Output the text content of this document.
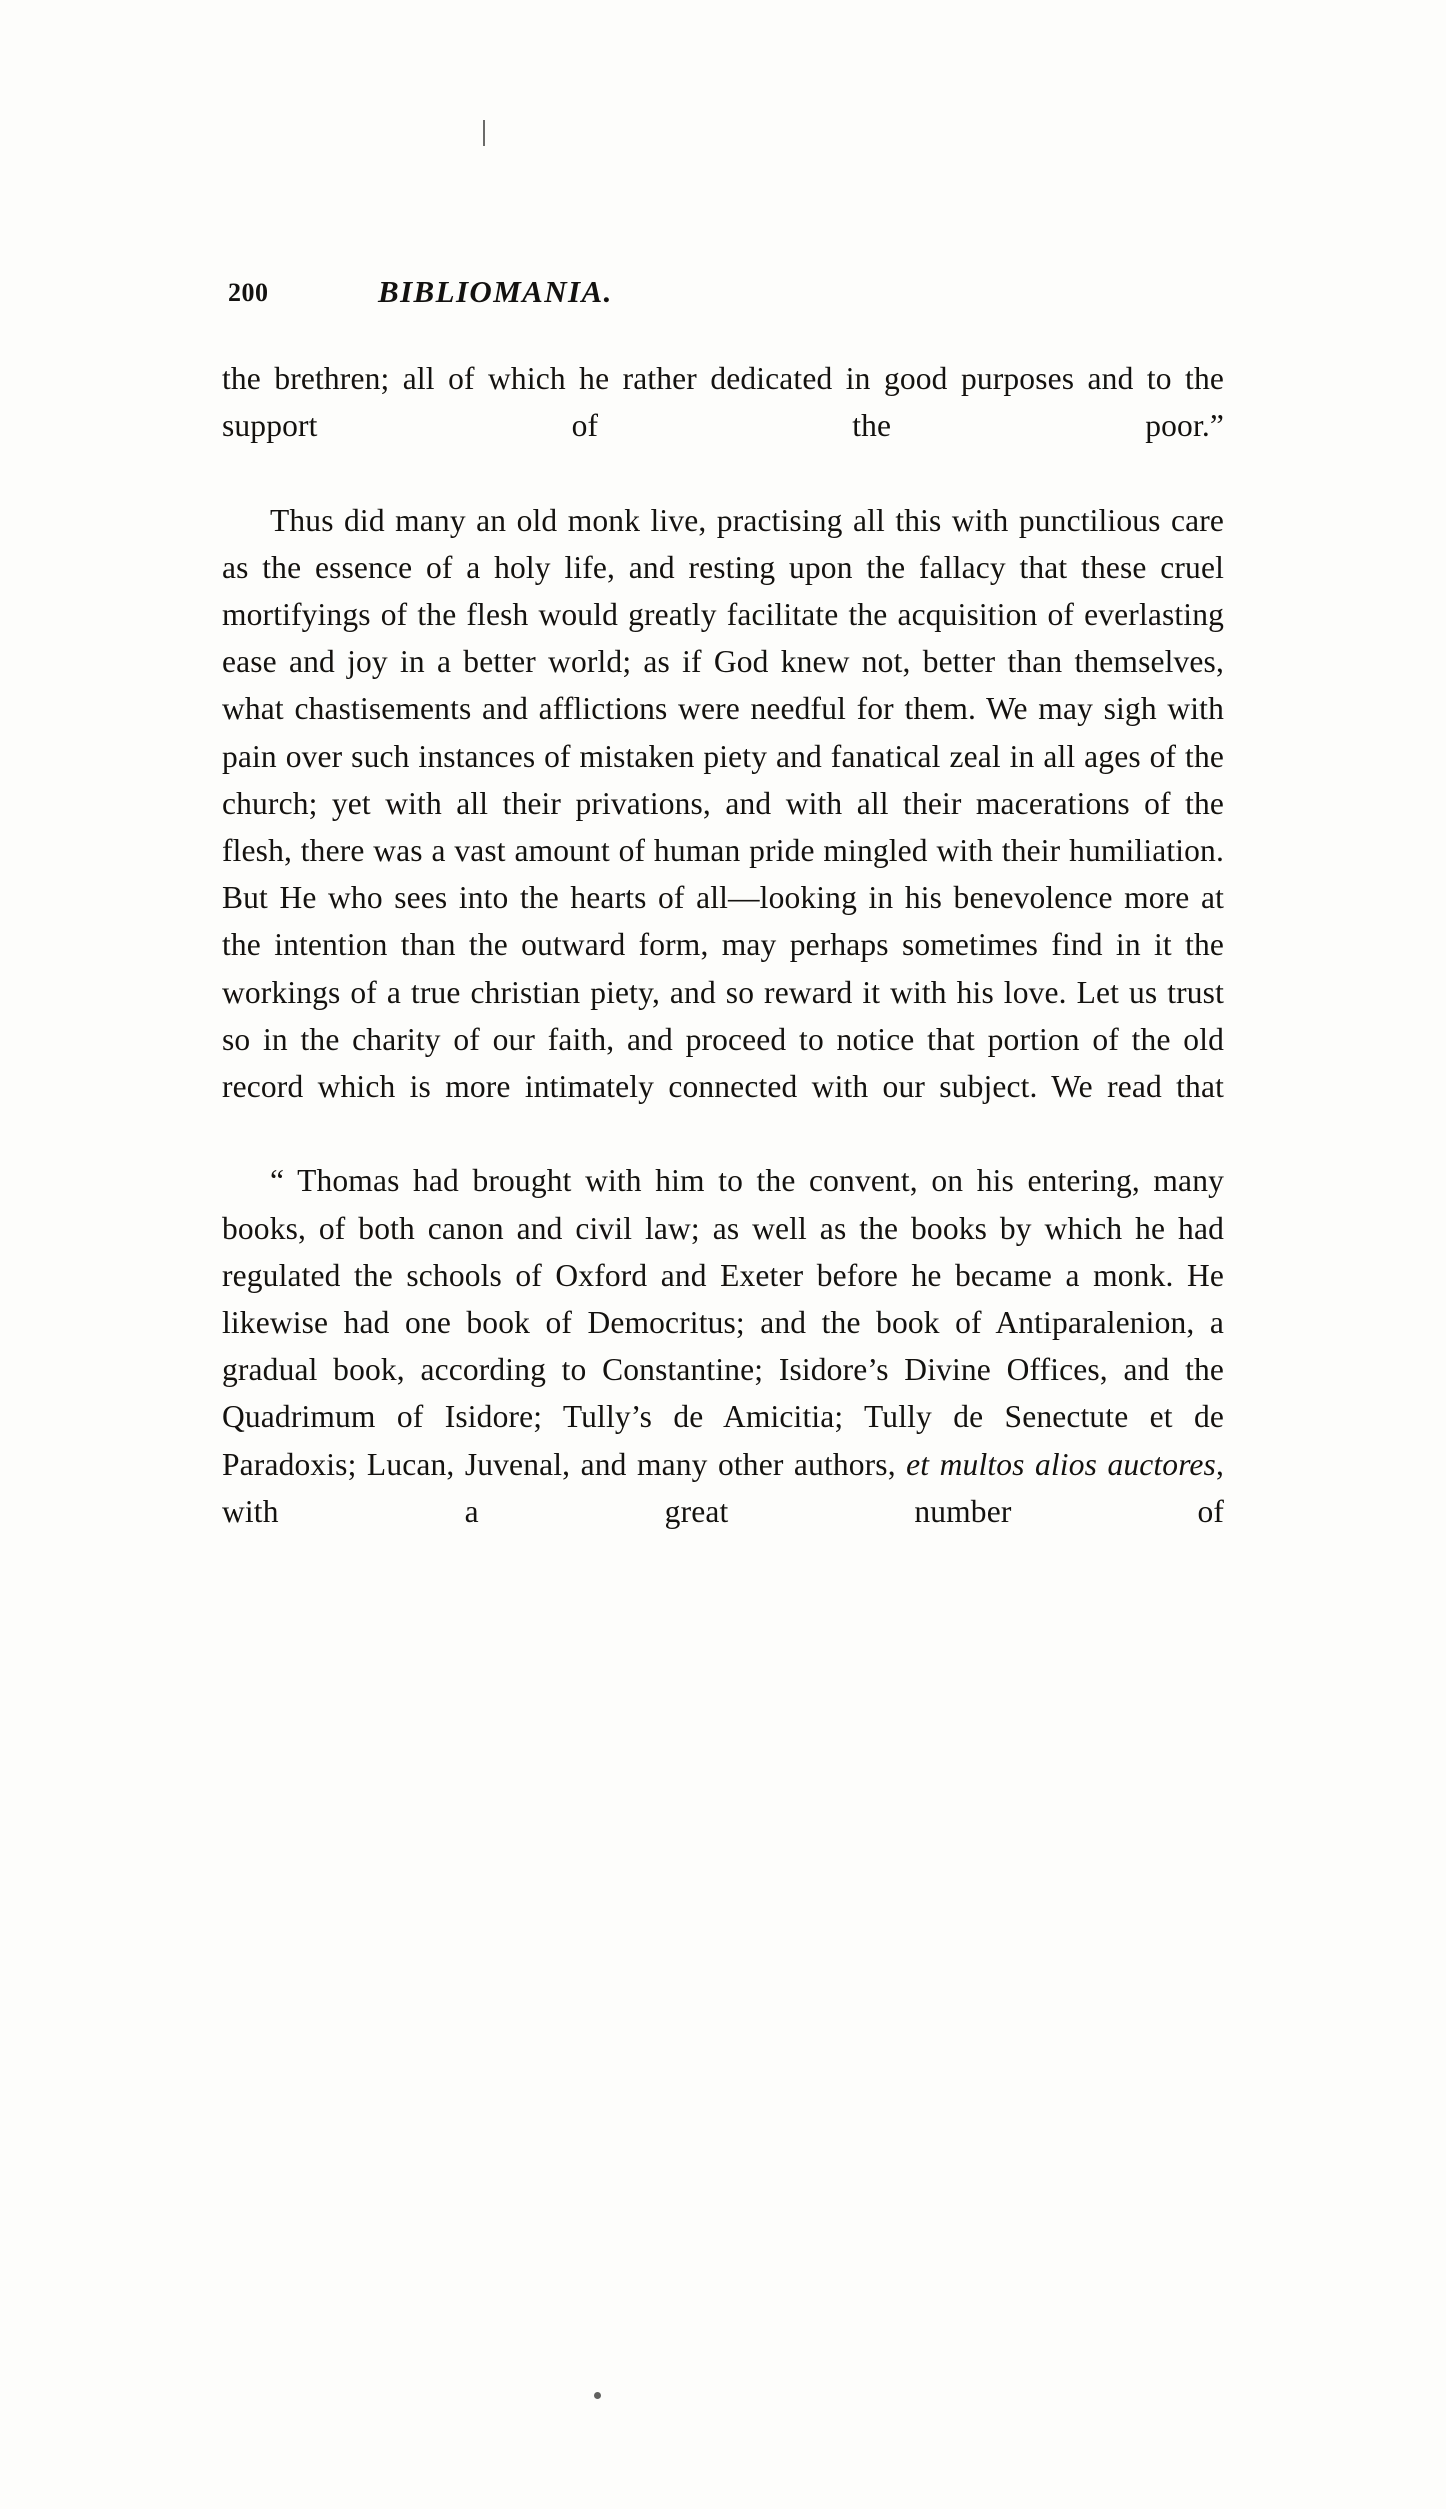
200	BIBLIOMANIA.

the brethren; all of which he rather dedicated in good purposes and to the support of the poor.”

Thus did many an old monk live, practising all this with punctilious care as the essence of a holy life, and resting upon the fallacy that these cruel mortifyings of the flesh would greatly facilitate the acquisition of everlasting ease and joy in a better world; as if God knew not, better than themselves, what chastisements and afflictions were needful for them. We may sigh with pain over such instances of mistaken piety and fanatical zeal in all ages of the church; yet with all their privations, and with all their macerations of the flesh, there was a vast amount of human pride mingled with their humiliation. But He who sees into the hearts of all—looking in his benevolence more at the intention than the outward form, may perhaps sometimes find in it the workings of a true christian piety, and so reward it with his love. Let us trust so in the charity of our faith, and proceed to notice that portion of the old record which is more intimately connected with our subject. We read that

“ Thomas had brought with him to the convent, on his entering, many books, of both canon and civil law; as well as the books by which he had regulated the schools of Oxford and Exeter before he became a monk. He likewise had one book of Democritus; and the book of Antiparalenion, a gradual book, according to Constantine; Isidore’s Divine Offices, and the Quadrimum of Isidore; Tully’s de Amicitia; Tully de Senectute et de Paradoxis; Lucan, Juvenal, and many other authors, et multos alios auctores, with a great number of
